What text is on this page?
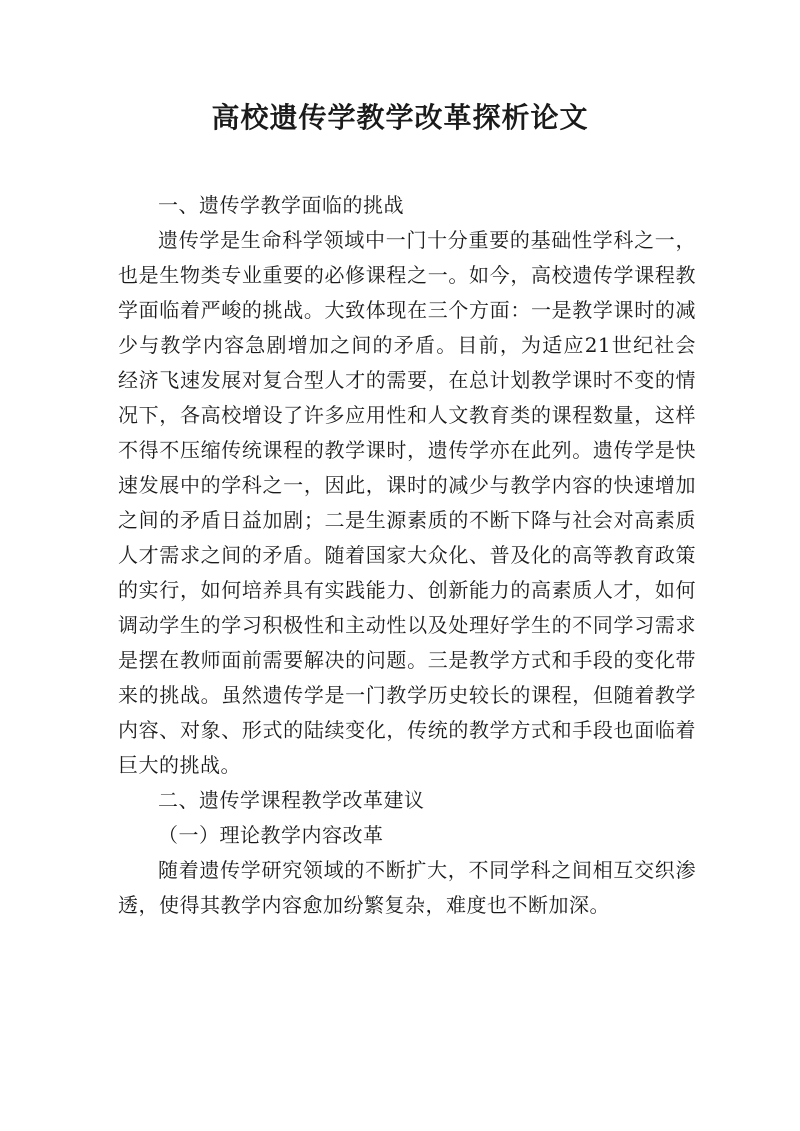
高校遗传学教学改革探析论文

一、遗传学教学面临的挑战

遗传学是生命科学领域中一门十分重要的基础性学科之一，也是生物类专业重要的必修课程之一。如今，高校遗传学课程教学面临着严峻的挑战。大致体现在三个方面：一是教学课时的减少与教学内容急剧增加之间的矛盾。目前，为适应21世纪社会经济飞速发展对复合型人才的需要，在总计划教学课时不变的情况下，各高校增设了许多应用性和人文教育类的课程数量，这样不得不压缩传统课程的教学课时，遗传学亦在此列。遗传学是快速发展中的学科之一，因此，课时的减少与教学内容的快速增加之间的矛盾日益加剧；二是生源素质的不断下降与社会对高素质人才需求之间的矛盾。随着国家大众化、普及化的高等教育政策的实行，如何培养具有实践能力、创新能力的高素质人才，如何调动学生的学习积极性和主动性以及处理好学生的不同学习需求是摆在教师面前需要解决的问题。三是教学方式和手段的变化带来的挑战。虽然遗传学是一门教学历史较长的课程，但随着教学内容、对象、形式的陆续变化，传统的教学方式和手段也面临着巨大的挑战。

二、遗传学课程教学改革建议

（一）理论教学内容改革

随着遗传学研究领域的不断扩大，不同学科之间相互交织渗透，使得其教学内容愈加纷繁复杂，难度也不断加深。
